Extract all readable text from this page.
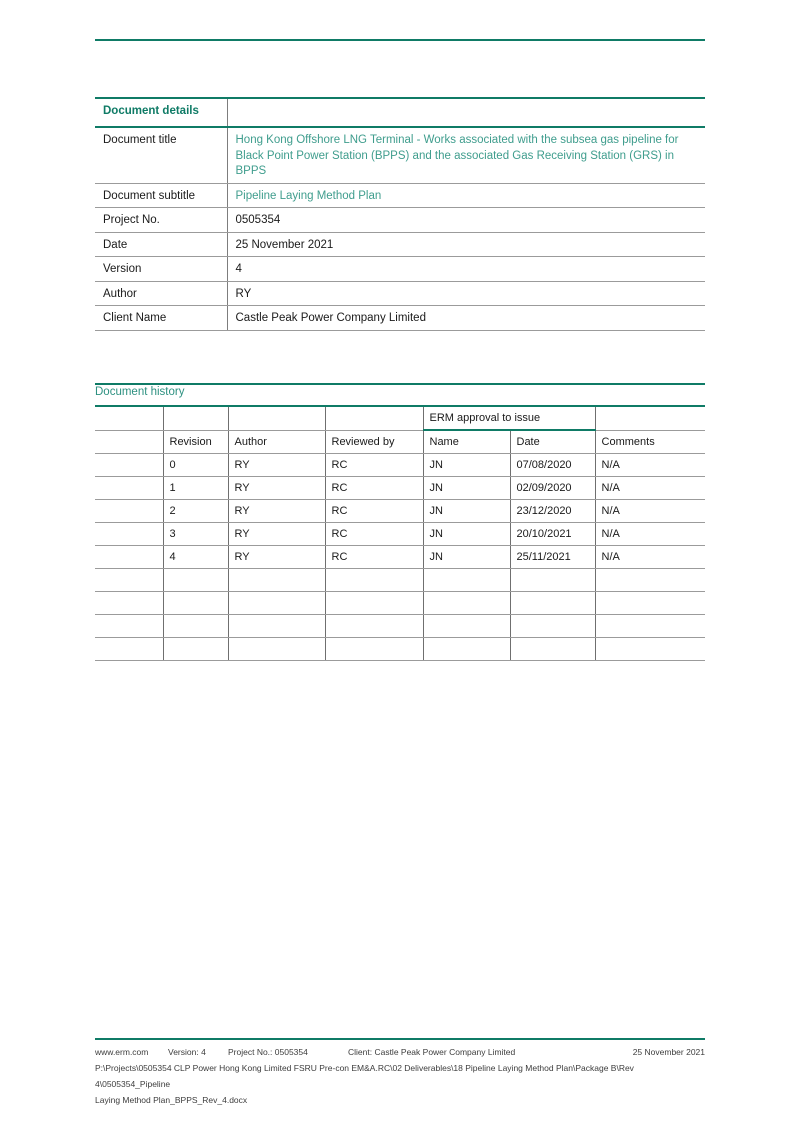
Document details	
Document title	Hong Kong Offshore LNG Terminal - Works associated with the subsea gas pipeline for Black Point Power Station (BPPS) and the associated Gas Receiving Station (GRS) in BPPS
Document subtitle	Pipeline Laying Method Plan
Project No.	0505354
Date	25 November 2021
Version	4
Author	RY
Client Name	Castle Peak Power Company Limited
Document history
				ERM approval to issue		
	Revision	Author	Reviewed by	Name	Date	Comments
	0	RY	RC	JN	07/08/2020	N/A
	1	RY	RC	JN	02/09/2020	N/A
	2	RY	RC	JN	23/12/2020	N/A
	3	RY	RC	JN	20/10/2021	N/A
	4	RY	RC	JN	25/11/2021	N/A

www.erm.com Version: 4	Project No.: 0505354	Client: Castle Peak Power Company Limited	25 November 2021
P:\Projects\0505354 CLP Power Hong Kong Limited FSRU Pre-con EM&A.RC\02 Deliverables\18 Pipeline Laying Method Plan\Package B\Rev 4\0505354_Pipeline
Laying Method Plan_BPPS_Rev_4.docx
